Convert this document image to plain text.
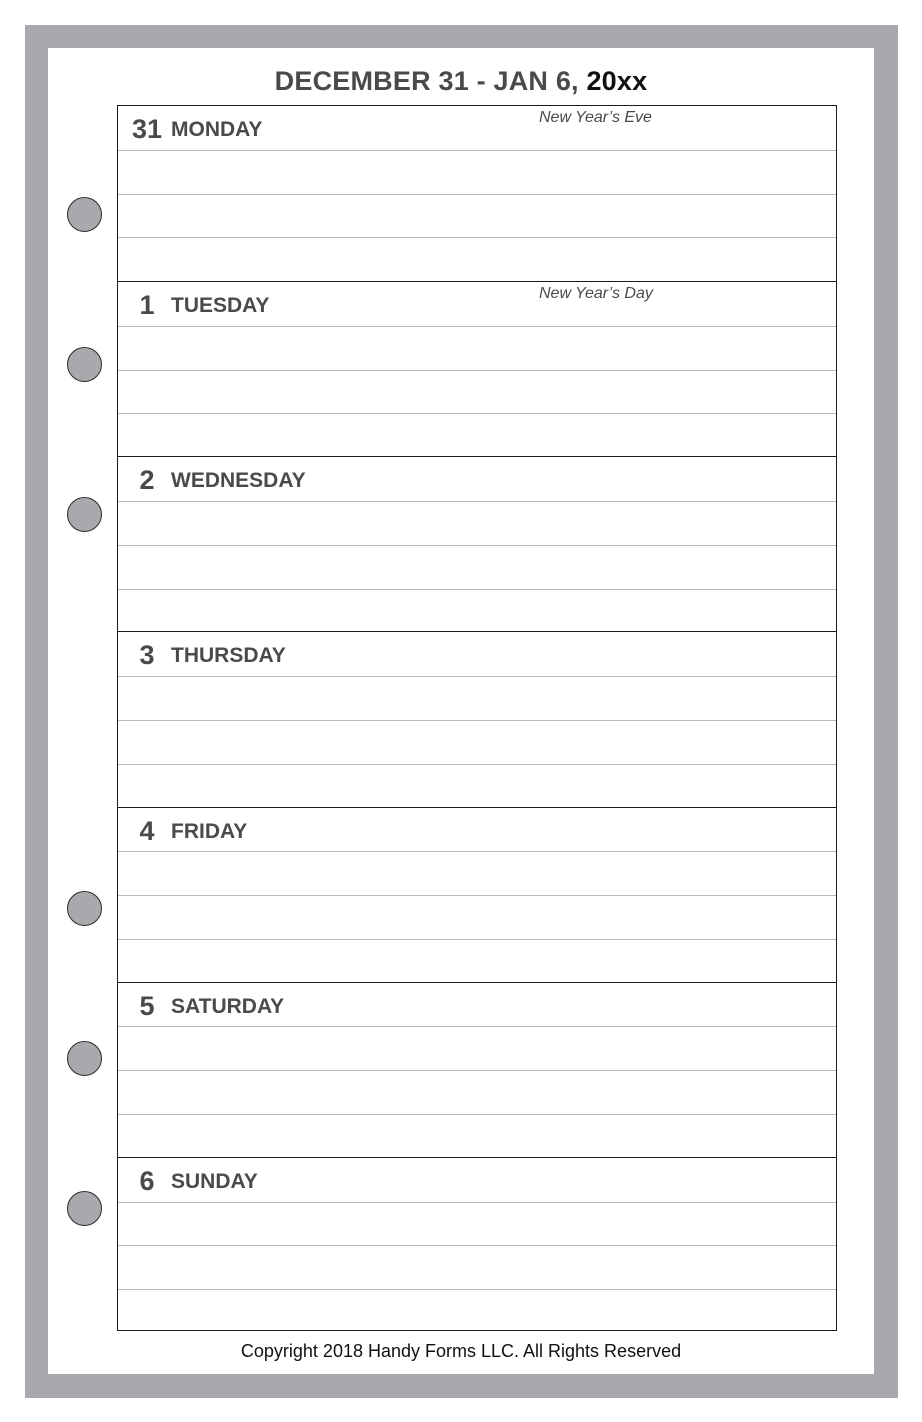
DECEMBER 31 - JAN 6, 20xx
31 MONDAY
New Year’s Eve
1 TUESDAY
New Year’s Day
2 WEDNESDAY
3 THURSDAY
4 FRIDAY
5 SATURDAY
6 SUNDAY
Copyright 2018 Handy Forms LLC. All Rights Reserved
